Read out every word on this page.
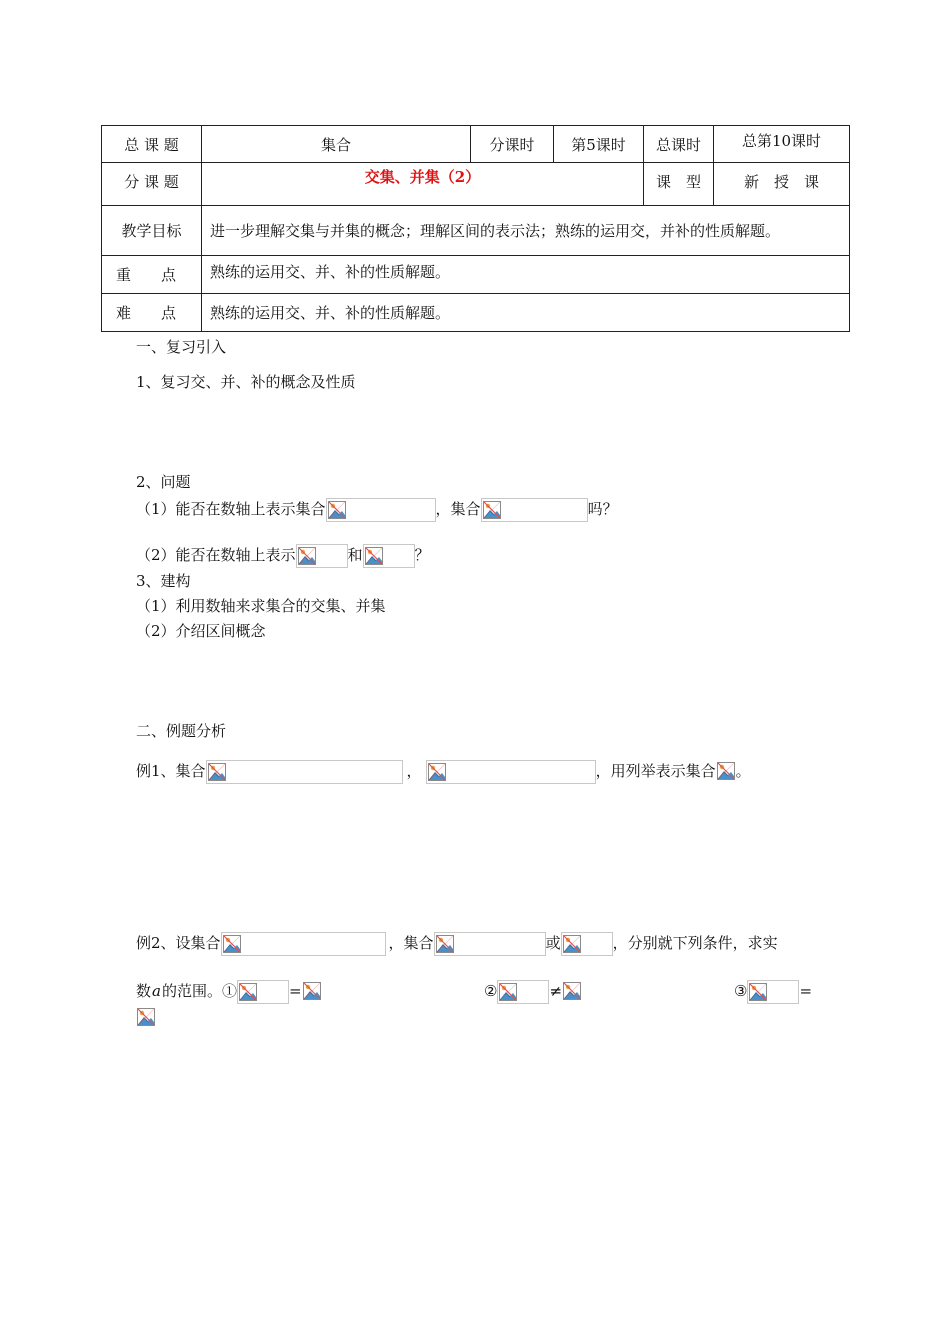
总 课 题	集合	分课时	第5课时	总课时	总第10课时
分 课 题	交集、并集（2）			课　型	新　授　课
教学目标	进一步理解交集与并集的概念；理解区间的表示法；熟练的运用交，并补的性质解题。				
重　　点	熟练的运用交、并、补的性质解题。				
难　　点	熟练的运用交、并、补的性质解题。				
一、复习引入
1、复习交、并、补的概念及性质
2、问题
（1）能否在数轴上表示集合	，集合	吗？
（2）能否在数轴上表示	和	？
3、建构
（1）利用数轴来求集合的交集、并集
（2）介绍区间概念
二、例题分析
例1、集合	，	，用列举表示集合 。
例2、设集合	，集合	或	，分别就下列条件，求实
数a的范围。①	=	②	≠	③	=
